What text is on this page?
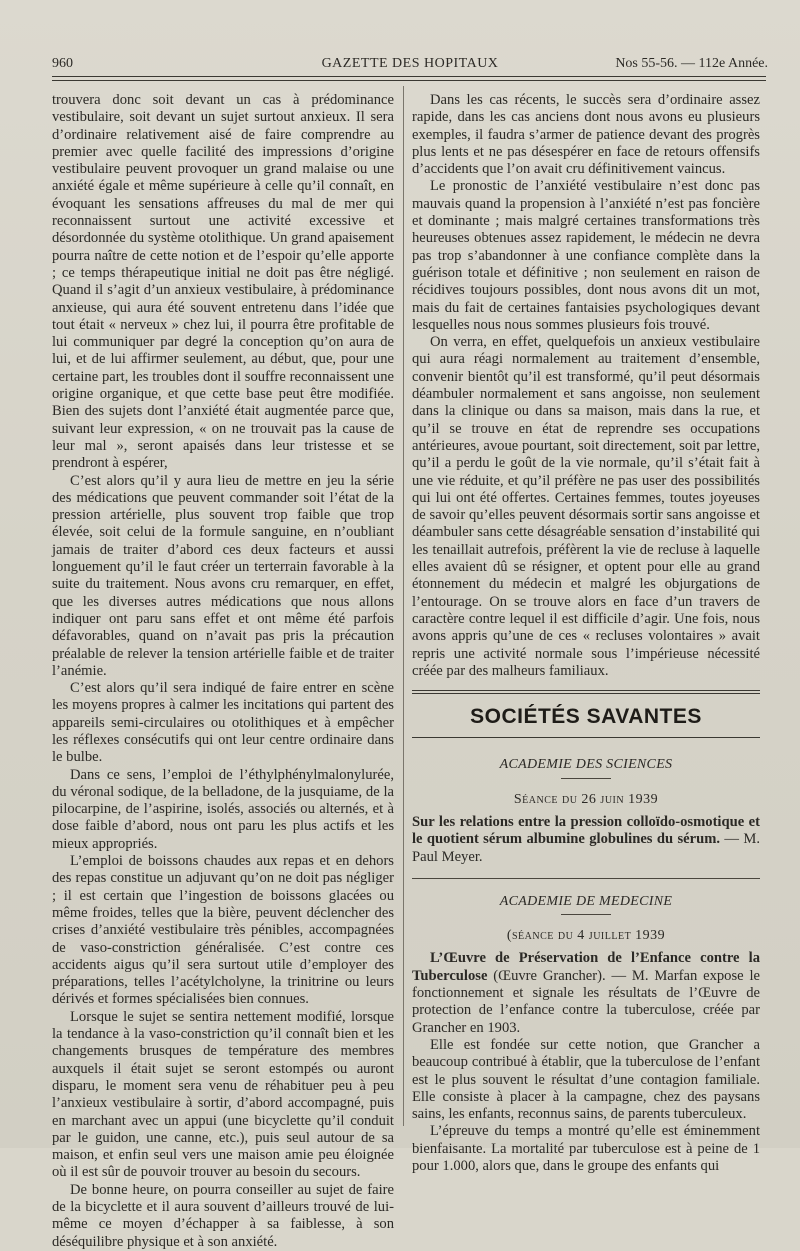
960	GAZETTE DES HOPITAUX	Nos 55-56. — 112e Année.

trouvera donc soit devant un cas à prédominance vestibulaire, soit devant un sujet surtout anxieux. Il sera d’ordinaire relativement aisé de faire comprendre au premier avec quelle facilité des impressions d’origine vestibulaire peuvent provoquer un grand malaise ou une anxiété égale et même supérieure à celle qu’il connaît, en évoquant les sensations affreuses du mal de mer qui reconnaissent surtout une activité excessive et désordonnée du système otolithique. Un grand apaisement pourra naître de cette notion et de l’espoir qu’elle apporte ; ce temps thérapeutique initial ne doit pas être négligé. Quand il s’agit d’un anxieux vestibulaire, à prédominance anxieuse, qui aura été souvent entretenu dans l’idée que tout était « nerveux » chez lui, il pourra être profitable de lui communiquer par degré la conception qu’on aura de lui, et de lui affirmer seulement, au début, que, pour une certaine part, les troubles dont il souffre reconnaissent une origine organique, et que cette base peut être modifiée. Bien des sujets dont l’anxiété était augmentée parce que, suivant leur expression, « on ne trouvait pas la cause de leur mal », seront apaisés dans leur tristesse et se prendront à espérer,

C’est alors qu’il y aura lieu de mettre en jeu la série des médications que peuvent commander soit l’état de la pression artérielle, plus souvent trop faible que trop élevée, soit celui de la formule sanguine, en n’oubliant jamais de traiter d’abord ces deux facteurs et aussi longuement qu’il le faut créer un terterrain favorable à la suite du traitement. Nous avons cru remarquer, en effet, que les diverses autres médications que nous allons indiquer ont paru sans effet et ont même été parfois défavorables, quand on n’avait pas pris la précaution préalable de relever la tension artérielle faible et de traiter l’anémie.

C’est alors qu’il sera indiqué de faire entrer en scène les moyens propres à calmer les incitations qui partent des appareils semi-circulaires ou otolithiques et à empêcher les réflexes consécutifs qui ont leur centre ordinaire dans le bulbe.

Dans ce sens, l’emploi de l’éthylphénylmalonylurée, du véronal sodique, de la belladone, de la jusquiame, de la pilocarpine, de l’aspirine, isolés, associés ou alternés, et à dose faible d’abord, nous ont paru les plus actifs et les mieux appropriés.

L’emploi de boissons chaudes aux repas et en dehors des repas constitue un adjuvant qu’on ne doit pas négliger ; il est certain que l’ingestion de boissons glacées ou même froides, telles que la bière, peuvent déclencher des crises d’anxiété vestibulaire très pénibles, accompagnées de vaso-constriction généralisée. C’est contre ces accidents aigus qu’il sera surtout utile d’employer des préparations, telles l’acétylcholyne, la trinitrine ou leurs dérivés et formes spécialisées bien connues.

Lorsque le sujet se sentira nettement modifié, lorsque la tendance à la vaso-constriction qu’il connaît bien et les changements brusques de température des membres auxquels il était sujet se seront estompés ou auront disparu, le moment sera venu de réhabituer peu à peu l’anxieux vestibulaire à sortir, d’abord accompagné, puis en marchant avec un appui (une bicyclette qu’il conduit par le guidon, une canne, etc.), puis seul autour de sa maison, et enfin seul vers une maison amie peu éloignée où il est sûr de pouvoir trouver au besoin du secours.

De bonne heure, on pourra conseiller au sujet de faire de la bicyclette et il aura souvent d’ailleurs trouvé de lui-même ce moyen d’échapper à sa faiblesse, à son déséquilibre physique et à son anxiété.

Dans les cas récents, le succès sera d’ordinaire assez rapide, dans les cas anciens dont nous avons eu plusieurs exemples, il faudra s’armer de patience devant des progrès plus lents et ne pas désespérer en face de retours offensifs d’accidents que l’on avait cru définitivement vaincus.

Le pronostic de l’anxiété vestibulaire n’est donc pas mauvais quand la propension à l’anxiété n’est pas foncière et dominante ; mais malgré certaines transformations très heureuses obtenues assez rapidement, le médecin ne devra pas trop s’abandonner à une confiance complète dans la guérison totale et définitive ; non seulement en raison de récidives toujours possibles, dont nous avons dit un mot, mais du fait de certaines fantaisies psychologiques devant lesquelles nous nous sommes plusieurs fois trouvé.

On verra, en effet, quelquefois un anxieux vestibulaire qui aura réagi normalement au traitement d’ensemble, convenir bientôt qu’il est transformé, qu’il peut désormais déambuler normalement et sans angoisse, non seulement dans la clinique ou dans sa maison, mais dans la rue, et qu’il se trouve en état de reprendre ses occupations antérieures, avoue pourtant, soit directement, soit par lettre, qu’il a perdu le goût de la vie normale, qu’il s’était fait à une vie réduite, et qu’il préfère ne pas user des possibilités qui lui ont été offertes. Certaines femmes, toutes joyeuses de savoir qu’elles peuvent désormais sortir sans angoisse et déambuler sans cette désagréable sensation d’instabilité qui les tenaillait autrefois, préfèrent la vie de recluse à laquelle elles avaient dû se résigner, et optent pour elle au grand étonnement du médecin et malgré les objurgations de l’entourage. On se trouve alors en face d’un travers de caractère contre lequel il est difficile d’agir. Une fois, nous avons appris qu’une de ces « recluses volontaires » avait repris une activité normale sous l’impérieuse nécessité créée par des malheurs familiaux.

SOCIÉTÉS SAVANTES
ACADEMIE DES SCIENCES
Séance du 26 juin 1939

Sur les relations entre la pression colloïdo-osmotique et le quotient sérum albumine globulines du sérum. — M. Paul Meyer.

ACADEMIE DE MEDECINE
(séance du 4 juillet 1939

L’Œuvre de Préservation de l’Enfance contre la Tuberculose (Œuvre Grancher). — M. Marfan expose le fonctionnement et signale les résultats de l’Œuvre de protection de l’enfance contre la tuberculose, créée par Grancher en 1903.

Elle est fondée sur cette notion, que Grancher a beaucoup contribué à établir, que la tuberculose de l’enfant est le plus souvent le résultat d’une contagion familiale. Elle consiste à placer à la campagne, chez des paysans sains, les enfants, reconnus sains, de parents tuberculeux.

L’épreuve du temps a montré qu’elle est éminemment bienfaisante. La mortalité par tuberculose est à peine de 1 pour 1.000, alors que, dans le groupe des enfants qui
